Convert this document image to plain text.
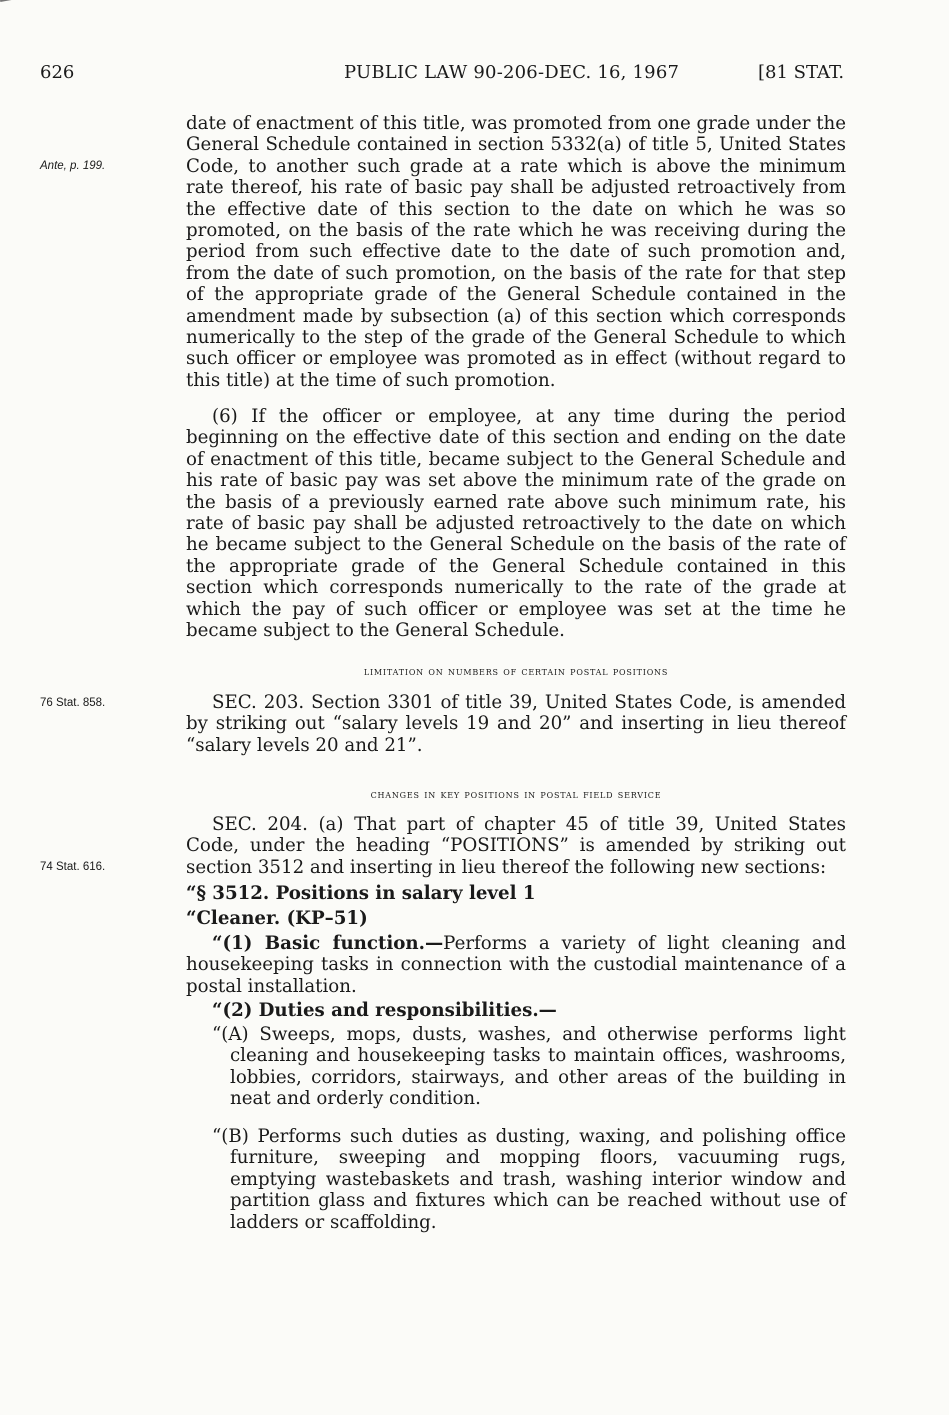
626	PUBLIC LAW 90-206-DEC. 16, 1967	[81 STAT.
Ante, p. 199.
76 Stat. 858.
74 Stat. 616.

date of enactment of this title, was promoted from one grade under the General Schedule contained in section 5332(a) of title 5, United States Code, to another such grade at a rate which is above the minimum rate thereof, his rate of basic pay shall be adjusted retroactively from the effective date of this section to the date on which he was so promoted, on the basis of the rate which he was receiving during the period from such effective date to the date of such promotion and, from the date of such promotion, on the basis of the rate for that step of the appropriate grade of the General Schedule contained in the amendment made by subsection (a) of this section which corresponds numerically to the step of the grade of the General Schedule to which such officer or employee was promoted as in effect (without regard to this title) at the time of such promotion.

(6) If the officer or employee, at any time during the period beginning on the effective date of this section and ending on the date of enactment of this title, became subject to the General Schedule and his rate of basic pay was set above the minimum rate of the grade on the basis of a previously earned rate above such minimum rate, his rate of basic pay shall be adjusted retroactively to the date on which he became subject to the General Schedule on the basis of the rate of the appropriate grade of the General Schedule contained in this section which corresponds numerically to the rate of the grade at which the pay of such officer or employee was set at the time he became subject to the General Schedule.

limitation on numbers of certain postal positions

SEC. 203. Section 3301 of title 39, United States Code, is amended by striking out “salary levels 19 and 20” and inserting in lieu thereof “salary levels 20 and 21”.

changes in key positions in postal field service

SEC. 204. (a) That part of chapter 45 of title 39, United States Code, under the heading “POSITIONS” is amended by striking out section 3512 and inserting in lieu thereof the following new sections:

“§ 3512. Positions in salary level 1

“Cleaner. (KP–51)

“(1) Basic function.—Performs a variety of light cleaning and housekeeping tasks in connection with the custodial maintenance of a postal installation.

“(2) Duties and responsibilities.—

“(A) Sweeps, mops, dusts, washes, and otherwise performs light cleaning and housekeeping tasks to maintain offices, washrooms, lobbies, corridors, stairways, and other areas of the building in neat and orderly condition.

“(B) Performs such duties as dusting, waxing, and polishing office furniture, sweeping and mopping floors, vacuuming rugs, emptying wastebaskets and trash, washing interior window and partition glass and fixtures which can be reached without use of ladders or scaffolding.
